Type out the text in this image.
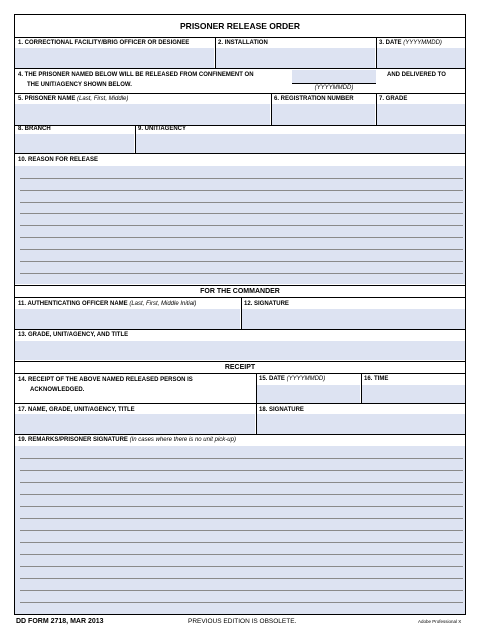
PRISONER RELEASE ORDER
1. CORRECTIONAL FACILITY/BRIG OFFICER OR DESIGNEE	2. INSTALLATION	3. DATE (YYYYMMDD)
4. THE PRISONER NAMED BELOW WILL BE RELEASED FROM CONFINEMENT ON
THE UNIT/AGENCY SHOWN BELOW.	(YYYYMMDD)
AND DELIVERED TO
5. PRISONER NAME (Last, First, Middle)	6. REGISTRATION NUMBER	7. GRADE
8. BRANCH	9. UNIT/AGENCY
10. REASON FOR RELEASE
FOR THE COMMANDER
11. AUTHENTICATING OFFICER NAME (Last, First, Middle Initial)	12. SIGNATURE
13. GRADE, UNIT/AGENCY, AND TITLE
RECEIPT
14. RECEIPT OF THE ABOVE NAMED RELEASED PERSON IS
ACKNOWLEDGED.
15. DATE (YYYYMMDD)	16. TIME
17. NAME, GRADE, UNIT/AGENCY, TITLE	18. SIGNATURE
19. REMARKS/PRISONER SIGNATURE (In cases where there is no unit pick-up)
DD FORM 2718, MAR 2013	PREVIOUS EDITION IS OBSOLETE.	Adobe Professional X
